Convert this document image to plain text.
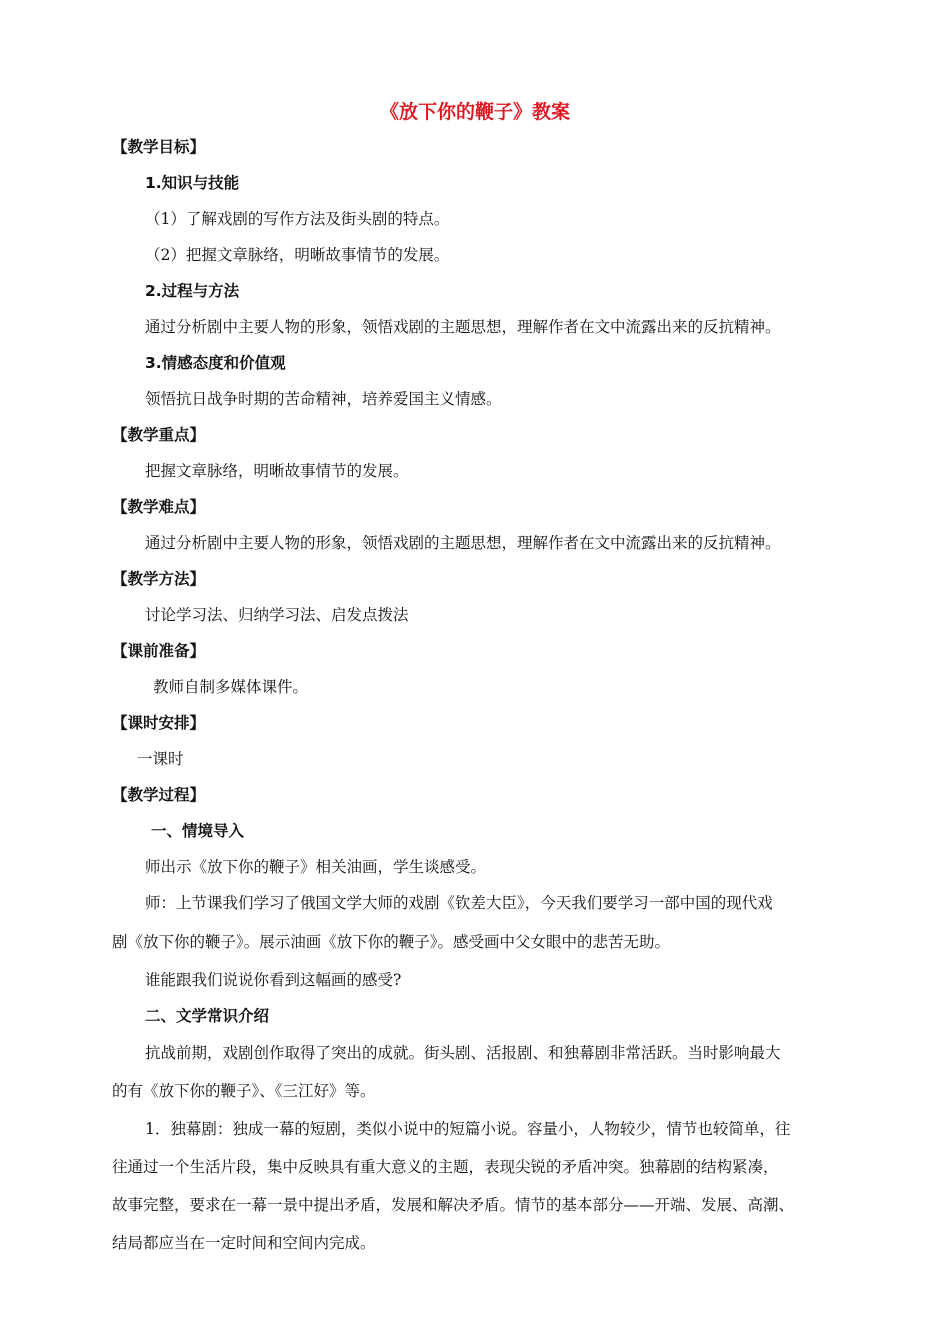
《放下你的鞭子》教案
【教学目标】
1.知识与技能
（1）了解戏剧的写作方法及街头剧的特点。
（2）把握文章脉络，明晰故事情节的发展。
2.过程与方法
通过分析剧中主要人物的形象，领悟戏剧的主题思想，理解作者在文中流露出来的反抗精神。
3.情感态度和价值观
领悟抗日战争时期的苦命精神，培养爱国主义情感。
【教学重点】
把握文章脉络，明晰故事情节的发展。
【教学难点】
通过分析剧中主要人物的形象，领悟戏剧的主题思想，理解作者在文中流露出来的反抗精神。
【教学方法】
讨论学习法、归纳学习法、启发点拨法
【课前准备】
教师自制多媒体课件。
【课时安排】
一课时
【教学过程】
一、情境导入
师出示《放下你的鞭子》相关油画，学生谈感受。
师：上节课我们学习了俄国文学大师的戏剧《钦差大臣》，今天我们要学习一部中国的现代戏
剧《放下你的鞭子》。展示油画《放下你的鞭子》。感受画中父女眼中的悲苦无助。
谁能跟我们说说你看到这幅画的感受?
二、文学常识介绍
抗战前期，戏剧创作取得了突出的成就。街头剧、活报剧、和独幕剧非常活跃。当时影响最大
的有《放下你的鞭子》、《三江好》等。
1．独幕剧：独成一幕的短剧，类似小说中的短篇小说。容量小，人物较少，情节也较简单，往
往通过一个生活片段，集中反映具有重大意义的主题，表现尖锐的矛盾冲突。独幕剧的结构紧凑，
故事完整，要求在一幕一景中提出矛盾，发展和解决矛盾。情节的基本部分——开端、发展、高潮、
结局都应当在一定时间和空间内完成。
